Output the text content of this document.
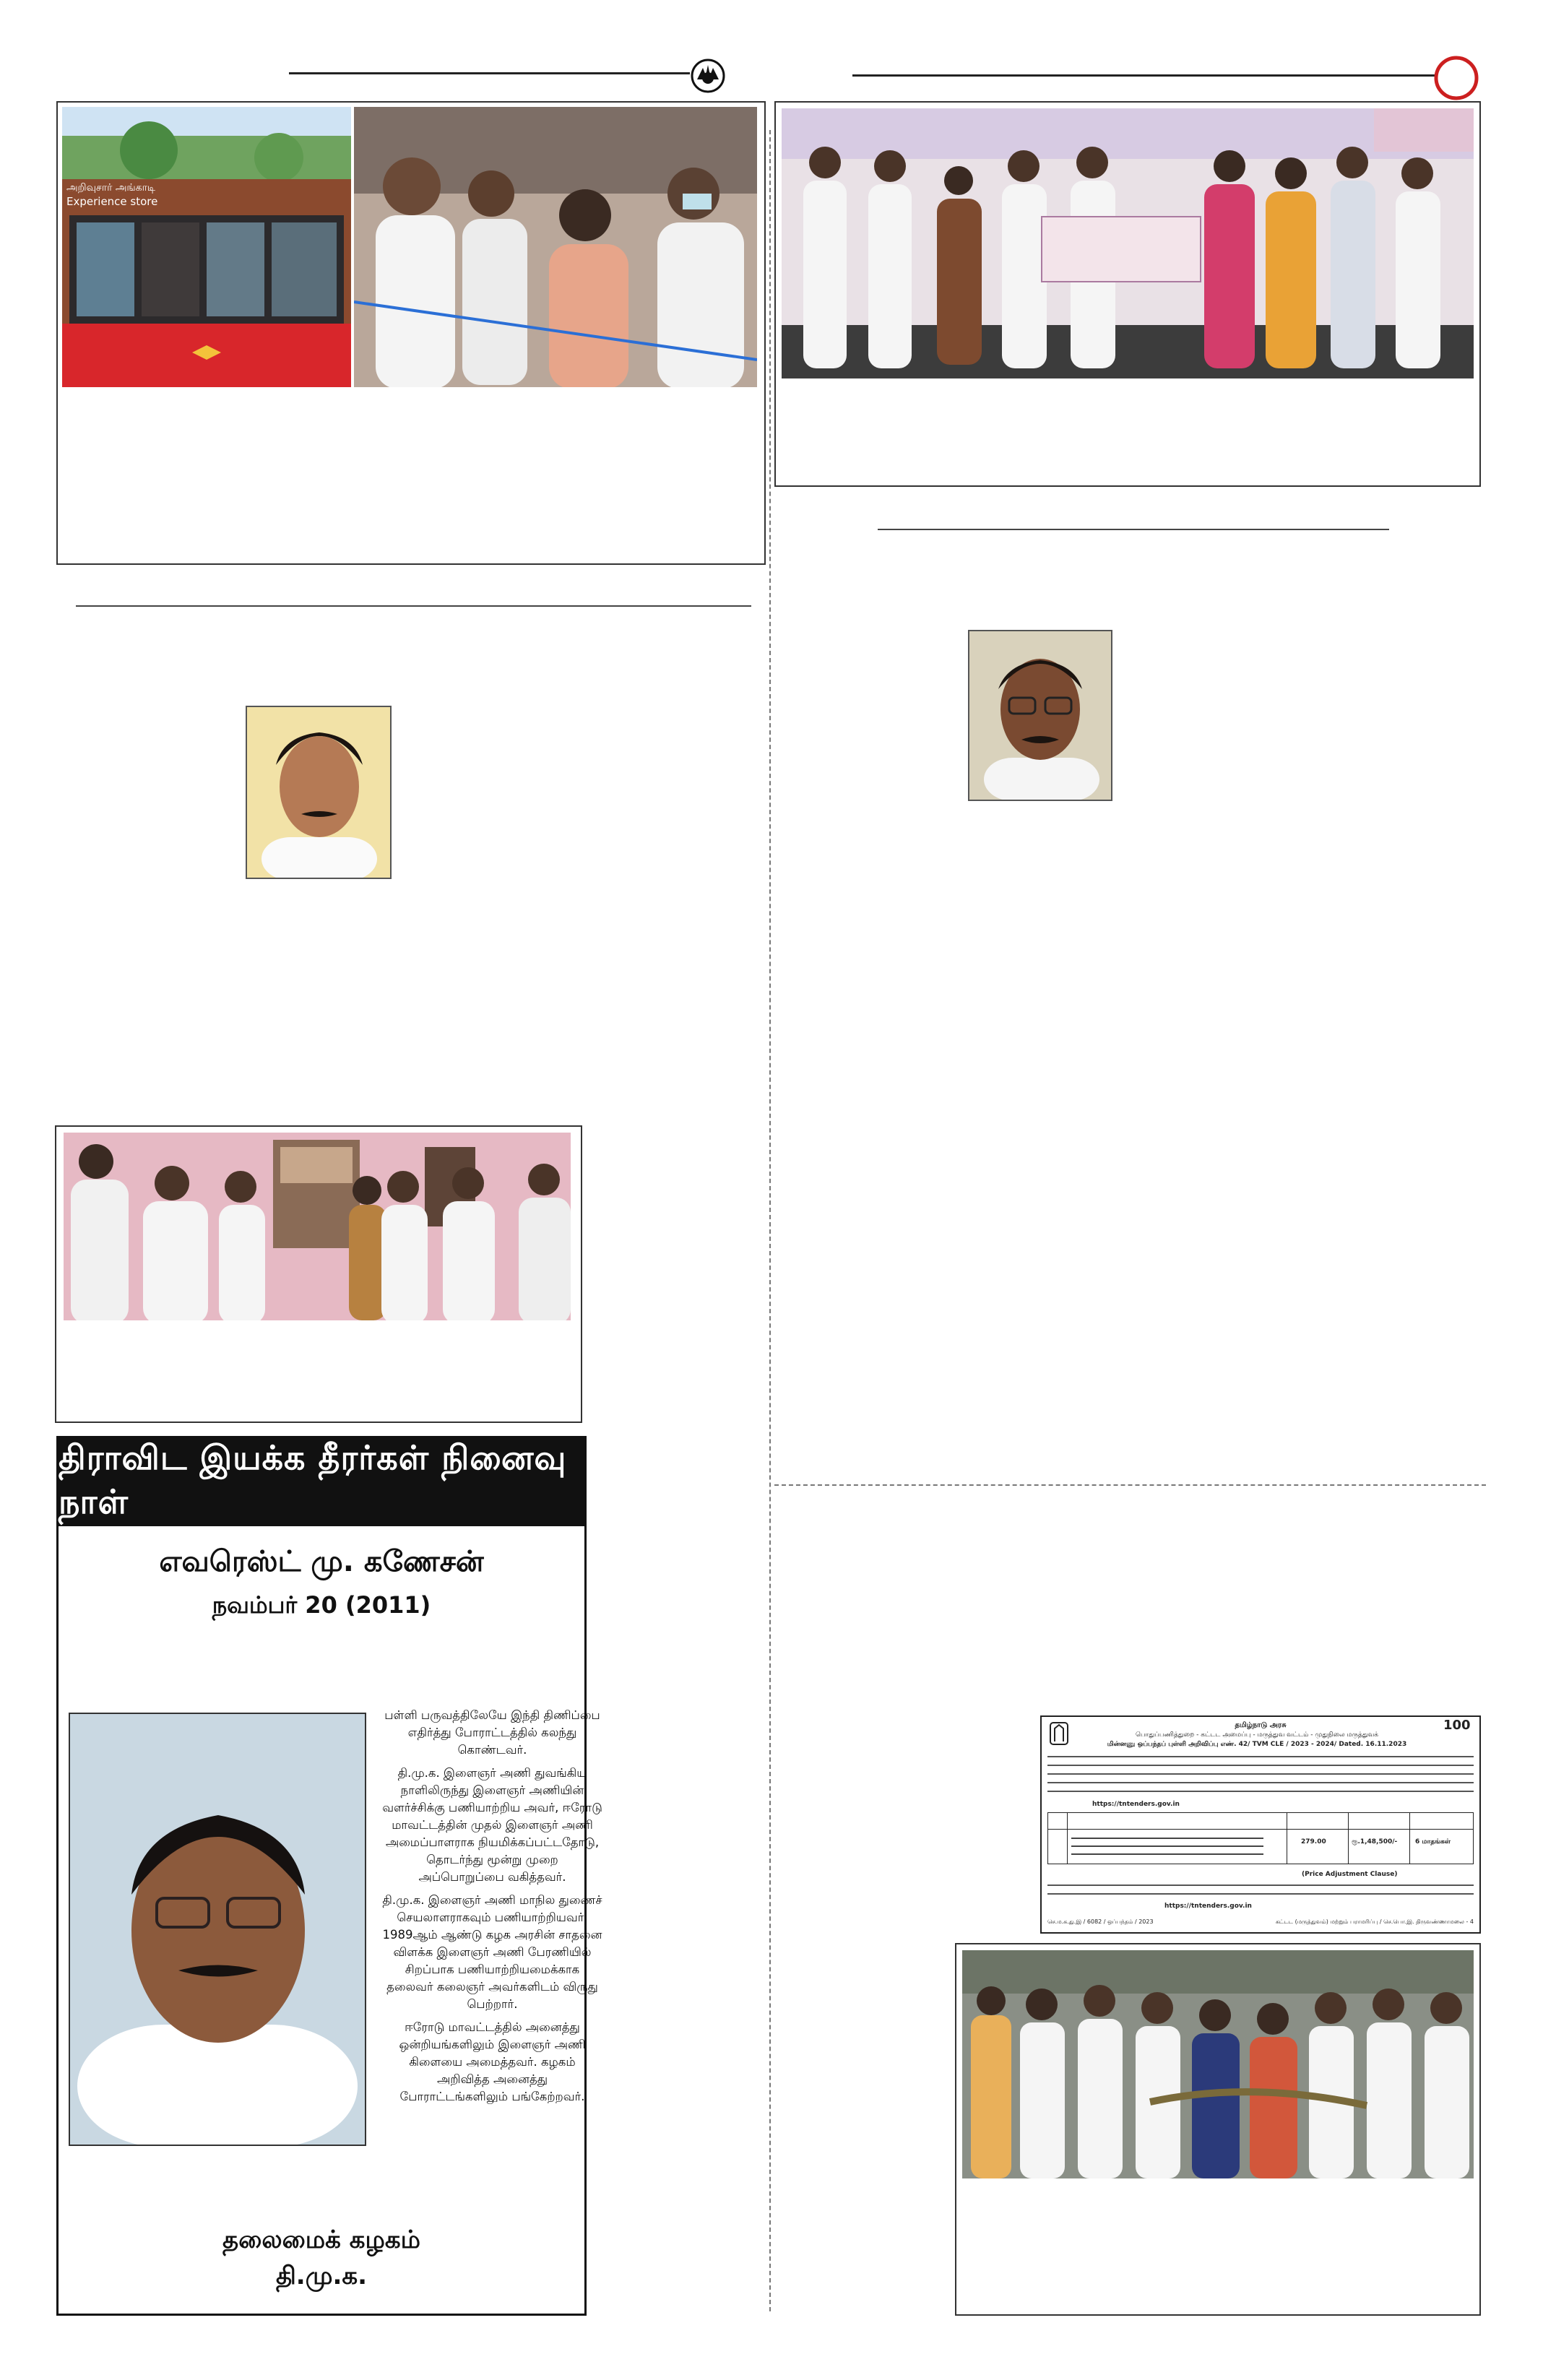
அறிவுசார் அங்காடி
Experience store
திராவிட இயக்க தீரர்கள் நினைவு நாள்
எவரெஸ்ட் மு. கணேசன்
நவம்பர் 20 (2011)

பள்ளி பருவத்திலேயே இந்தி திணிப்பை எதிர்த்து போராட்டத்தில் கலந்து கொண்டவர்.

தி.மு.க. இளைஞர் அணி துவங்கிய நாளிலிருந்து இளைஞர் அணியின் வளர்ச்சிக்கு பணியாற்றிய அவர், ஈரோடு மாவட்டத்தின் முதல் இளைஞர் அணி அமைப்பாளராக நியமிக்கப்பட்டதோடு, தொடர்ந்து மூன்று முறை அப்பொறுப்பை வகித்தவர்.

தி.மு.க. இளைஞர் அணி மாநில துணைச் செயலாளராகவும் பணியாற்றியவர். 1989ஆம் ஆண்டு கழக அரசின் சாதனை விளக்க இளைஞர் அணி பேரணியில் சிறப்பாக பணியாற்றியமைக்காக தலைவர் கலைஞர் அவர்களிடம் விருது பெற்றார்.

ஈரோடு மாவட்டத்தில் அனைத்து ஒன்றியங்களிலும் இளைஞர் அணி கிளையை அமைத்தவர். கழகம் அறிவித்த அனைத்து போராட்டங்களிலும் பங்கேற்றவர்.

தலைமைக் கழகம்
தி.மு.க.
100
தமிழ்நாடு அரசு
பொதுப்பணித்துறை - கட்டட அமைப்பு - மருத்துவ வட்டம் - முதுநிலை மருத்துவக்
மின்னணு ஒப்பந்தப் புள்ளி அறிவிப்பு எண். 42/ TVM CLE / 2023 - 2024/ Dated. 16.11.2023
https://tntenders.gov.in
279.00	ரூ.1,48,500/-	6 மாதங்கள்
(Price Adjustment Clause)
https://tntenders.gov.in
செ.ம.க.து.இ / 6082 / ஒப்பந்தம் / 2023	கட்டட (மருத்துவம்) மற்றும் பராமரிப்பு / செ.பொ.இ. திருவண்ணாமலை - 4
